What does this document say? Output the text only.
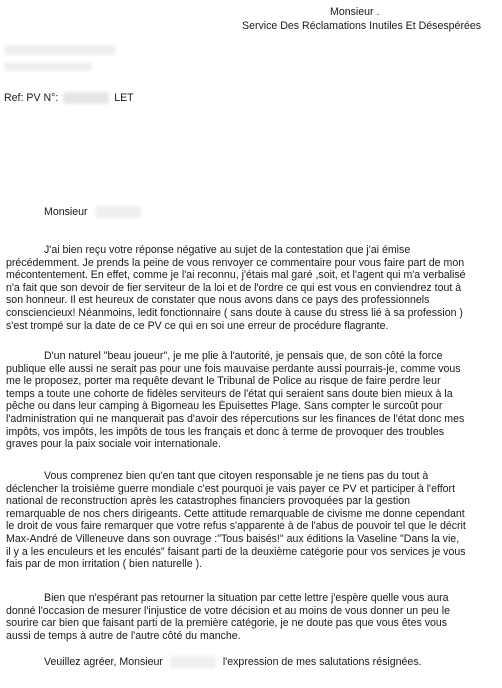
Monsieur .
Service Des Réclamations Inutiles Et Désespérées
Ref: PV N°:	LET
Monsieur
J'ai bien reçu votre réponse négative au sujet de la contestation que j'ai émise
précédemment. Je prends la peine de vous renvoyer ce commentaire pour vous faire part de mon
mécontentement. En effet, comme je l'ai reconnu, j'étais mal garé ,soit, et l'agent qui m'a verbalisé
n'a fait que son devoir de fier serviteur de la loi et de l'ordre ce qui est vous en conviendrez tout à
son honneur. Il est heureux de constater que nous avons dans ce pays des professionnels
consciencieux! Néanmoins, ledit fonctionnaire ( sans doute à cause du stress lié à sa profession )
s'est trompé sur la date de ce PV ce qui en soi une erreur de procédure flagrante.
D'un naturel "beau joueur", je me plie à l'autorité, je pensais que, de son côté la force
publique elle aussi ne serait pas pour une fois mauvaise perdante aussi pourrais-je, comme vous
me le proposez, porter ma requête devant le Tribunal de Police au risque de faire perdre leur
temps a toute une cohorte de fidèles serviteurs de l'état qui seraient sans doute bien mieux à la
pêche ou dans leur camping à Bigorneau les Épuisettes Plage. Sans compter le surcoût pour
l'administration qui ne manquerait pas d'avoir des répercutions sur les finances de l'état donc mes
impôts, vos impôts, les impôts de tous les français et donc à terme de provoquer des troubles
graves pour la paix sociale voir internationale.
Vous comprenez bien qu'en tant que citoyen responsable je ne tiens pas du tout à
déclencher la troisième guerre mondiale c'est pourquoi je vais payer ce PV et participer à l'effort
national de reconstruction après les catastrophes financiers provoquées par la gestion
remarquable de nos chers dirigeants. Cette attitude remarquable de civisme me donne cependant
le droit de vous faire remarquer que votre refus s'apparente à de l'abus de pouvoir tel que le décrit
Max-André de Villeneuve dans son ouvrage :"Tous baisés!" aux éditions la Vaseline "Dans la vie,
il y a les enculeurs et les enculés" faisant parti de la deuxième catégorie pour vos services je vous
fais par de mon irritation ( bien naturelle ).
Bien que n'espérant pas retourner la situation par cette lettre j'espère quelle vous aura
donné l'occasion de mesurer l'injustice de votre décision et au moins de vous donner un peu le
sourire car bien que faisant parti de la première catégorie, je ne doute pas que vous êtes vous
aussi de temps à autre de l'autre côté du manche.
Veuillez agréer, Monsieur	l'expression de mes salutations résignées.
